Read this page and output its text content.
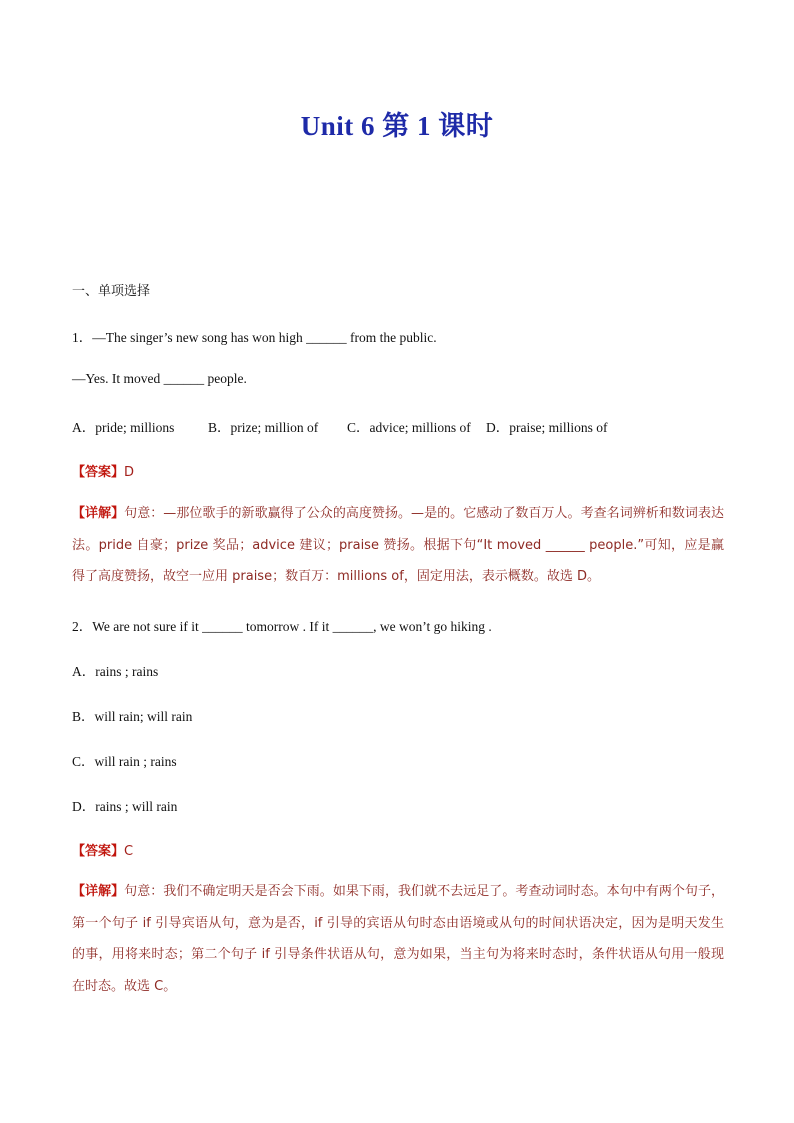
Unit 6 第 1 课时
一、单项选择
1．—The singer’s new song has won high ______ from the public.
—Yes. It moved ______ people.
A．pride; millions B．prize; million of C．advice; millions of D．praise; millions of
【答案】D
【详解】句意：—那位歌手的新歌赢得了公众的高度赞扬。—是的。它感动了数百万人。考查名词辨析和数词表达法。pride 自豪；prize 奖品；advice 建议；praise 赞扬。根据下句“It moved ______ people.”可知，应是赢得了高度赞扬，故空一应用 praise；数百万：millions of，固定用法，表示概数。故选 D。
2．We are not sure if it ______ tomorrow . If it ______, we won’t go hiking .
A．rains ; rains
B．will rain; will rain
C．will rain ; rains
D．rains ; will rain
【答案】C
【详解】句意：我们不确定明天是否会下雨。如果下雨，我们就不去远足了。考查动词时态。本句中有两个句子，第一个句子 if 引导宾语从句，意为是否，if 引导的宾语从句时态由语境或从句的时间状语决定，因为是明天发生的事，用将来时态；第二个句子 if 引导条件状语从句，意为如果，当主句为将来时态时，条件状语从句用一般现在时态。故选 C。
